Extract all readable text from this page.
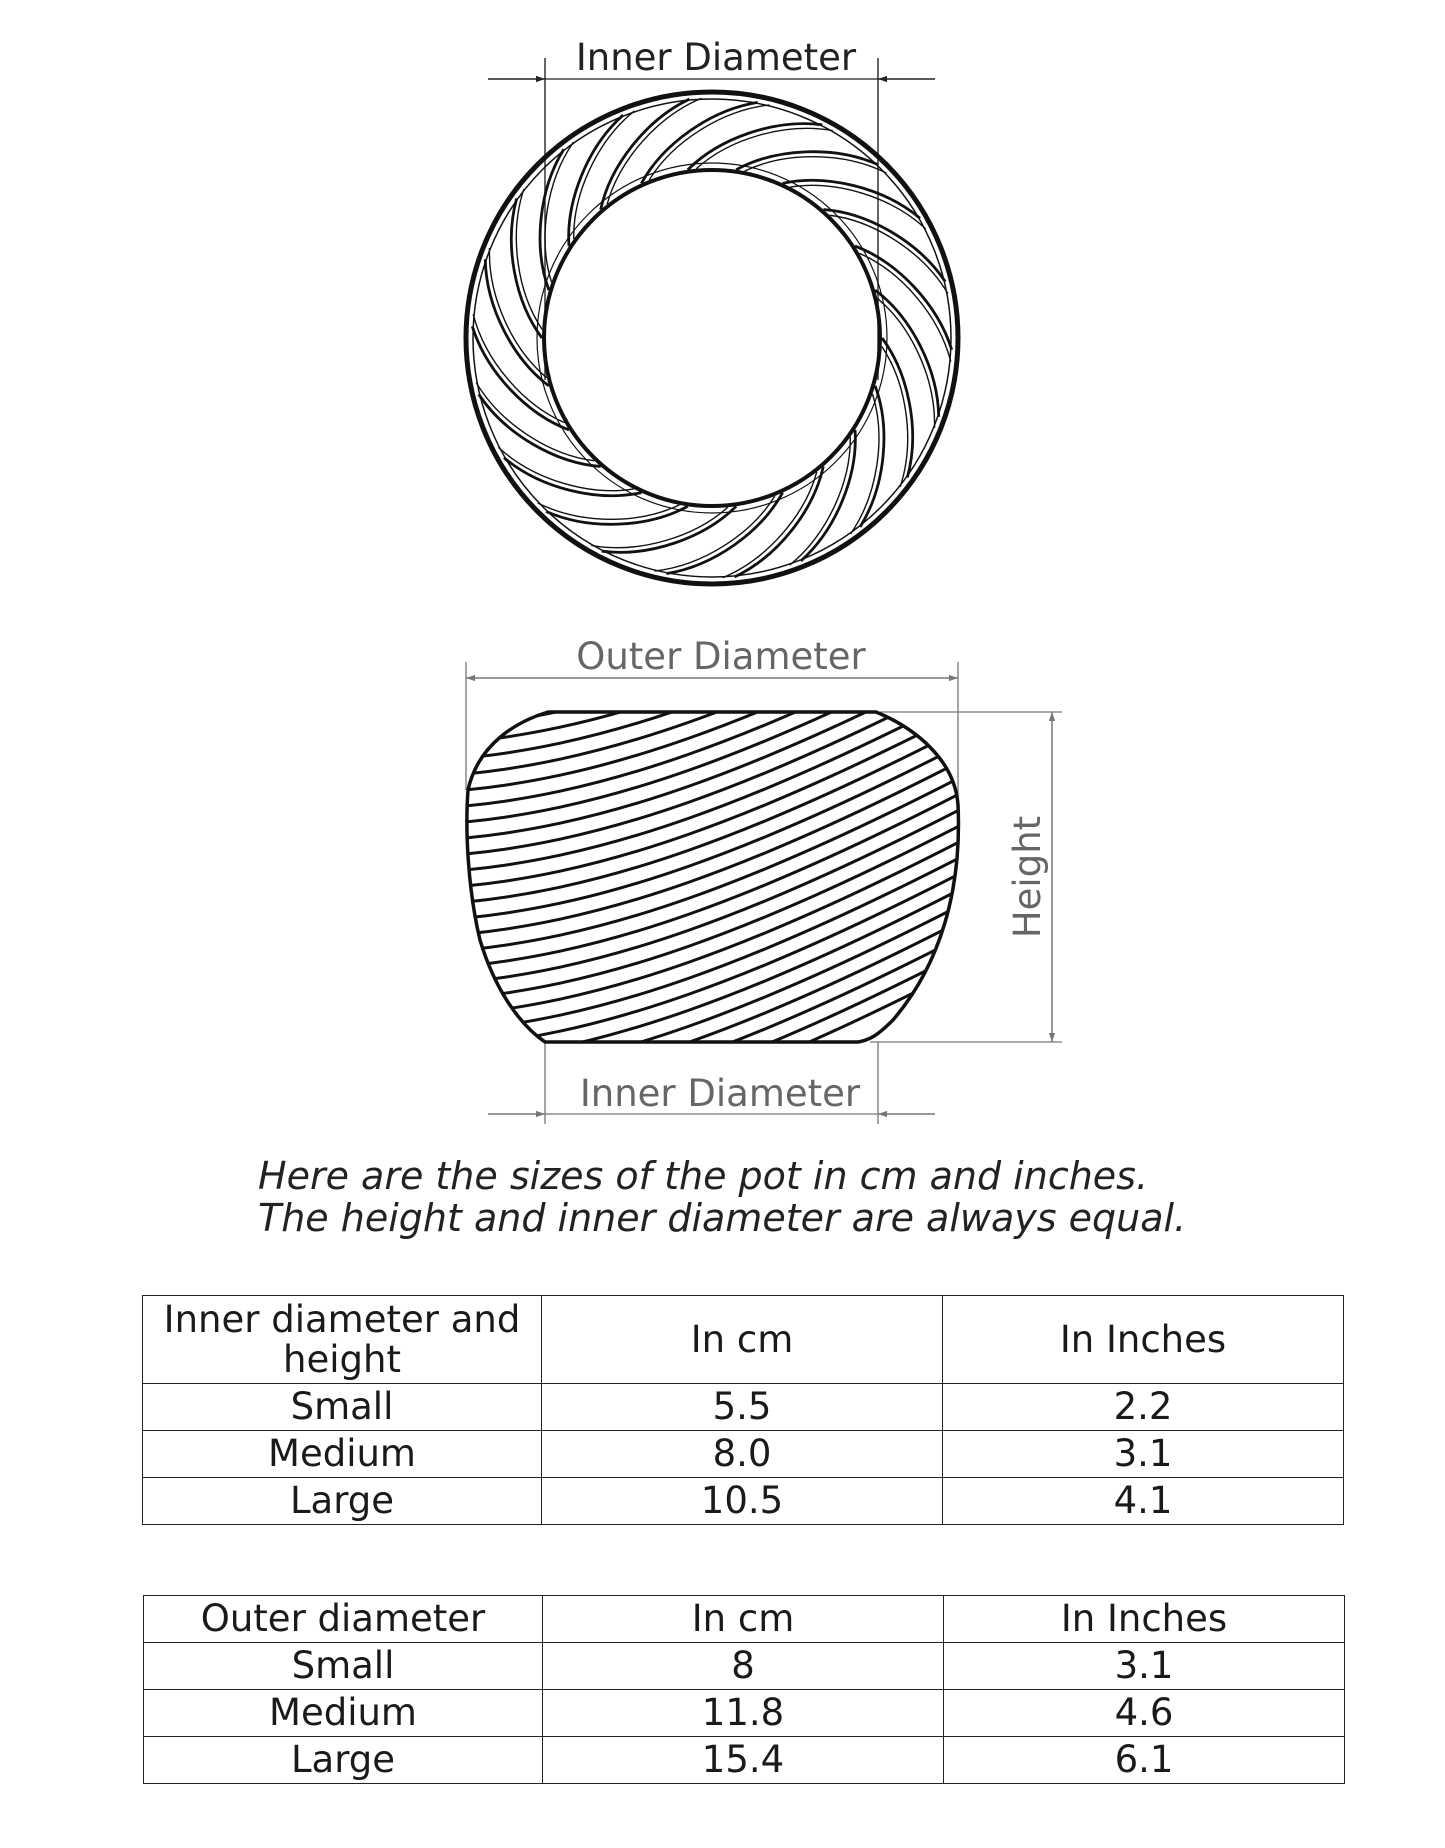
Inner Diameter
Outer Diameter
Height
Inner Diameter
Here are the sizes of the pot in cm and inches.
The height and inner diameter are always equal.
Inner diameter and height	In cm	In Inches
Small	5.5	2.2
Medium	8.0	3.1
Large	10.5	4.1
Outer diameter	In cm	In Inches
Small	8	3.1
Medium	11.8	4.6
Large	15.4	6.1
